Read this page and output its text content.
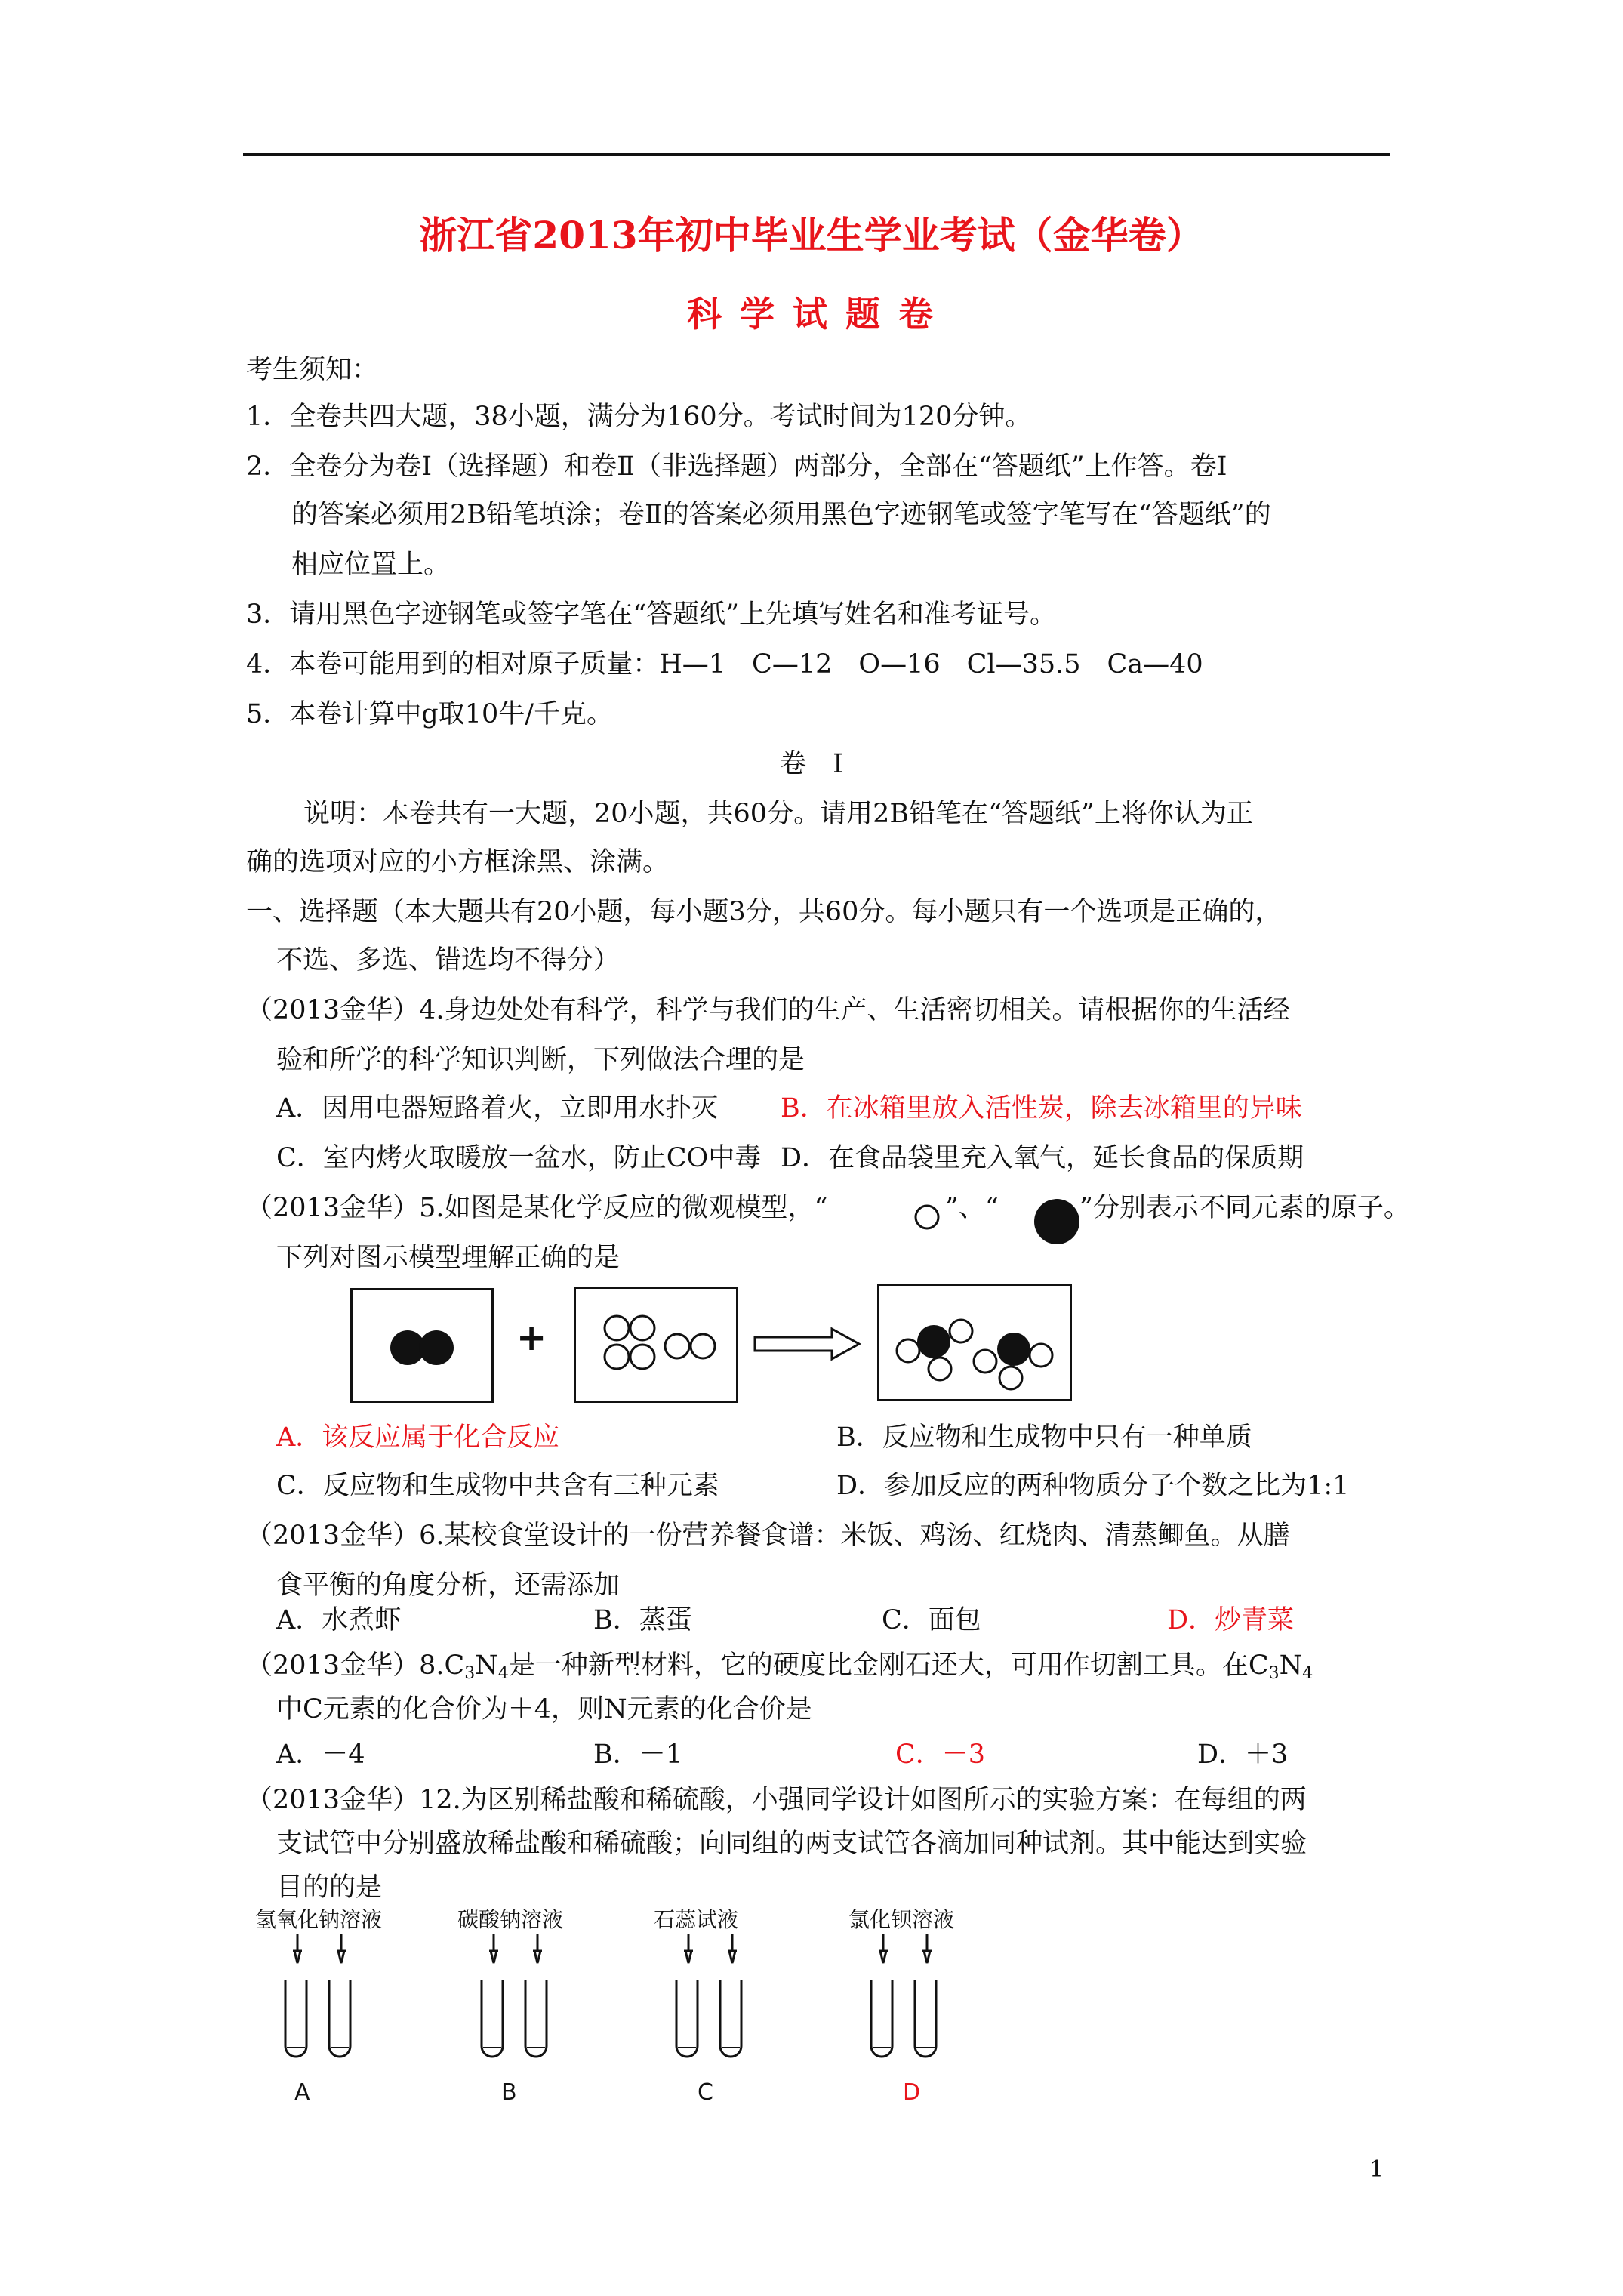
浙江省2013年初中毕业生学业考试（金华卷）
科 学 试 题 卷
考生须知：
1．全卷共四大题，38小题，满分为160分。考试时间为120分钟。
2．全卷分为卷Ⅰ（选择题）和卷Ⅱ（非选择题）两部分，全部在“答题纸”上作答。卷Ⅰ
的答案必须用2B铅笔填涂；卷Ⅱ的答案必须用黑色字迹钢笔或签字笔写在“答题纸”的
相应位置上。
3．请用黑色字迹钢笔或签字笔在“答题纸”上先填写姓名和准考证号。
4．本卷可能用到的相对原子质量：H—1　C—12　O—16　Cl—35.5　Ca—40
5．本卷计算中g取10牛/千克。
卷　Ⅰ
说明：本卷共有一大题，20小题，共60分。请用2B铅笔在“答题纸”上将你认为正
确的选项对应的小方框涂黑、涂满。
一、选择题（本大题共有20小题，每小题3分，共60分。每小题只有一个选项是正确的，
不选、多选、错选均不得分）
（2013金华）4.身边处处有科学，科学与我们的生产、生活密切相关。请根据你的生活经
验和所学的科学知识判断，下列做法合理的是
A．因用电器短路着火，立即用水扑灭 B．在冰箱里放入活性炭，除去冰箱里的异味
C．室内烤火取暖放一盆水，防止CO中毒 D．在食品袋里充入氧气，延长食品的保质期
（2013金华）5.如图是某化学反应的微观模型，“	”、“	”分别表示不同元素的原子。
下列对图示模型理解正确的是
+
A．该反应属于化合反应	B．反应物和生成物中只有一种单质
C．反应物和生成物中共含有三种元素	D．参加反应的两种物质分子个数之比为1:1
（2013金华）6.某校食堂设计的一份营养餐食谱：米饭、鸡汤、红烧肉、清蒸鲫鱼。从膳
食平衡的角度分析，还需添加
A．水煮虾	B．蒸蛋	C．面包	D．炒青菜
（2013金华）$8.C_3N_4$是一种新型材料，它的硬度比金刚石还大，可用作切割工具。在$C_3N_4$
中C元素的化合价为＋4，则N元素的化合价是
A．－4	B．－1	C．－3	D．＋3
（2013金华）12.为区别稀盐酸和稀硫酸，小强同学设计如图所示的实验方案：在每组的两
支试管中分别盛放稀盐酸和稀硫酸；向同组的两支试管各滴加同种试剂。其中能达到实验
目的的是
氢氧化钠溶液	碳酸钠溶液	石蕊试液	氯化钡溶液
A	B	C	D
1
